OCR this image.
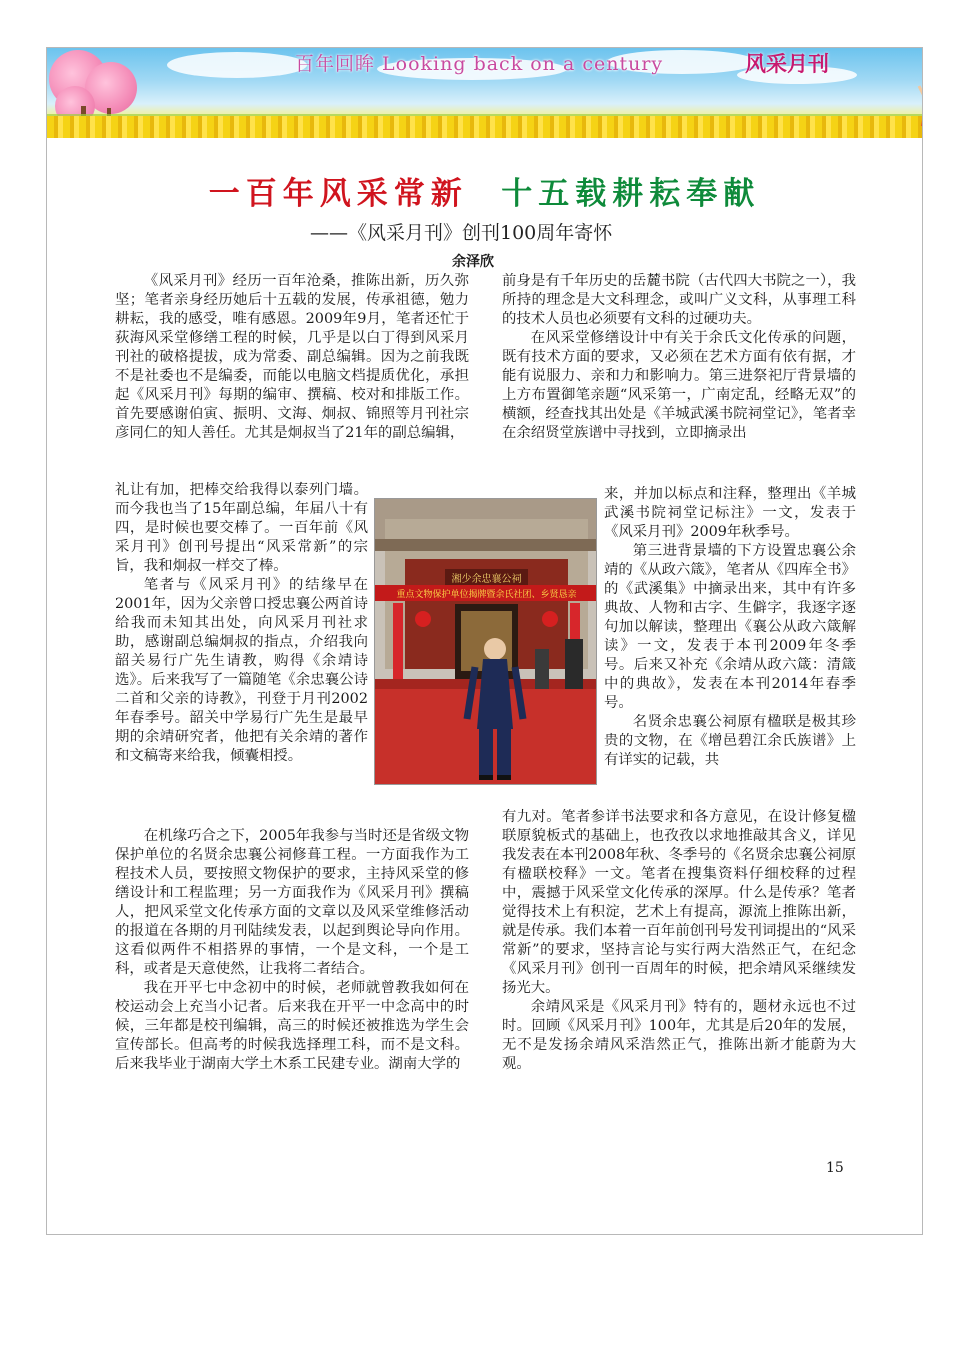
百年回眸 Looking back on a century	风采月刊
一百年风采常新 十五载耕耘奉献
——《风采月刊》创刊100周年寄怀
余泽欣

《风采月刊》经历一百年沧桑，推陈出新，历久弥坚；笔者亲身经历她后十五载的发展，传承祖德，勉力耕耘，我的感受，唯有感恩。2009年9月，笔者还忙于荻海风采堂修缮工程的时候，几乎是以白丁得到风采月刊社的破格提拔，成为常委、副总编辑。因为之前我既不是社委也不是编委，而能以电脑文档提质优化，承担起《风采月刊》每期的编审、撰稿、校对和排版工作。首先要感谢伯寅、振明、文海、炯叔、锦照等月刊社宗彦同仁的知人善任。尤其是炯叔当了21年的副总编辑，

礼让有加，把棒交给我得以泰列门墙。而今我也当了15年副总编，年届八十有四，是时候也要交棒了。一百年前《风采月刊》创刊号提出“风采常新”的宗旨，我和炯叔一样交了棒。

笔者与《风采月刊》的结缘早在2001年，因为父亲曾口授忠襄公两首诗给我而未知其出处，向风采月刊社求助，感谢副总编炯叔的指点，介绍我向韶关易行广先生请教，购得《余靖诗选》。后来我写了一篇随笔《余忠襄公诗二首和父亲的诗教》，刊登于月刊2002年春季号。韶关中学易行广先生是最早期的余靖研究者，他把有关余靖的著作和文稿寄来给我，倾囊相授。

在机缘巧合之下，2005年我参与当时还是省级文物保护单位的名贤余忠襄公祠修葺工程。一方面我作为工程技术人员，要按照文物保护的要求，主持风采堂的修缮设计和工程监理；另一方面我作为《风采月刊》撰稿人，把风采堂文化传承方面的文章以及风采堂维修活动的报道在各期的月刊陆续发表，以起到舆论导向作用。这看似两件不相搭界的事情，一个是文科，一个是工科，或者是天意使然，让我将二者结合。

我在开平七中念初中的时候，老师就曾教我如何在校运动会上充当小记者。后来我在开平一中念高中的时候，三年都是校刊编辑，高三的时候还被推选为学生会宣传部长。但高考的时候我选择理工科，而不是文科。后来我毕业于湖南大学土木系工民建专业。湖南大学的

前身是有千年历史的岳麓书院（古代四大书院之一），我所持的理念是大文科理念，或叫广义文科，从事理工科的技术人员也必须要有文科的过硬功夫。

在风采堂修缮设计中有关于余氏文化传承的问题，既有技术方面的要求，又必须在艺术方面有依有据，才能有说服力、亲和力和影响力。第三进祭祀厅背景墙的上方布置御笔亲题“风采第一，广南定乱，经略无双”的横额，经查找其出处是《羊城武溪书院祠堂记》，笔者幸在余绍贤堂族谱中寻找到，立即摘录出

来，并加以标点和注释，整理出《羊城武溪书院祠堂记标注》一文，发表于《风采月刊》2009年秋季号。

第三进背景墙的下方设置忠襄公余靖的《从政六箴》，笔者从《四库全书》的《武溪集》中摘录出来，其中有许多典故、人物和古字、生僻字，我逐字逐句加以解读，整理出《襄公从政六箴解读》一文，发表于本刊2009年冬季号。后来又补充《余靖从政六箴：清箴中的典故》，发表在本刊2014年春季号。

名贤余忠襄公祠原有楹联是极其珍贵的文物，在《增邑碧江余氏族谱》上有详实的记载，共

有九对。笔者参详书法要求和各方意见，在设计修复楹联原貌板式的基础上，也孜孜以求地推敲其含义，详见我发表在本刊2008年秋、冬季号的《名贤余忠襄公祠原有楹联校释》一文。笔者在搜集资料仔细校释的过程中，震撼于风采堂文化传承的深厚。什么是传承？笔者觉得技术上有积淀，艺术上有提高，源流上推陈出新，就是传承。我们本着一百年前创刊号发刊词提出的“风采常新”的要求，坚持言论与实行两大浩然正气，在纪念《风采月刊》创刊一百周年的时候，把余靖风采继续发扬光大。

余靖风采是《风采月刊》特有的，题材永远也不过时。回顾《风采月刊》100年，尤其是后20年的发展，无不是发扬余靖风采浩然正气，推陈出新才能蔚为大观。

湘少余忠襄公祠
重点文物保护单位揭牌暨余氏社团、乡贤恳亲
15
